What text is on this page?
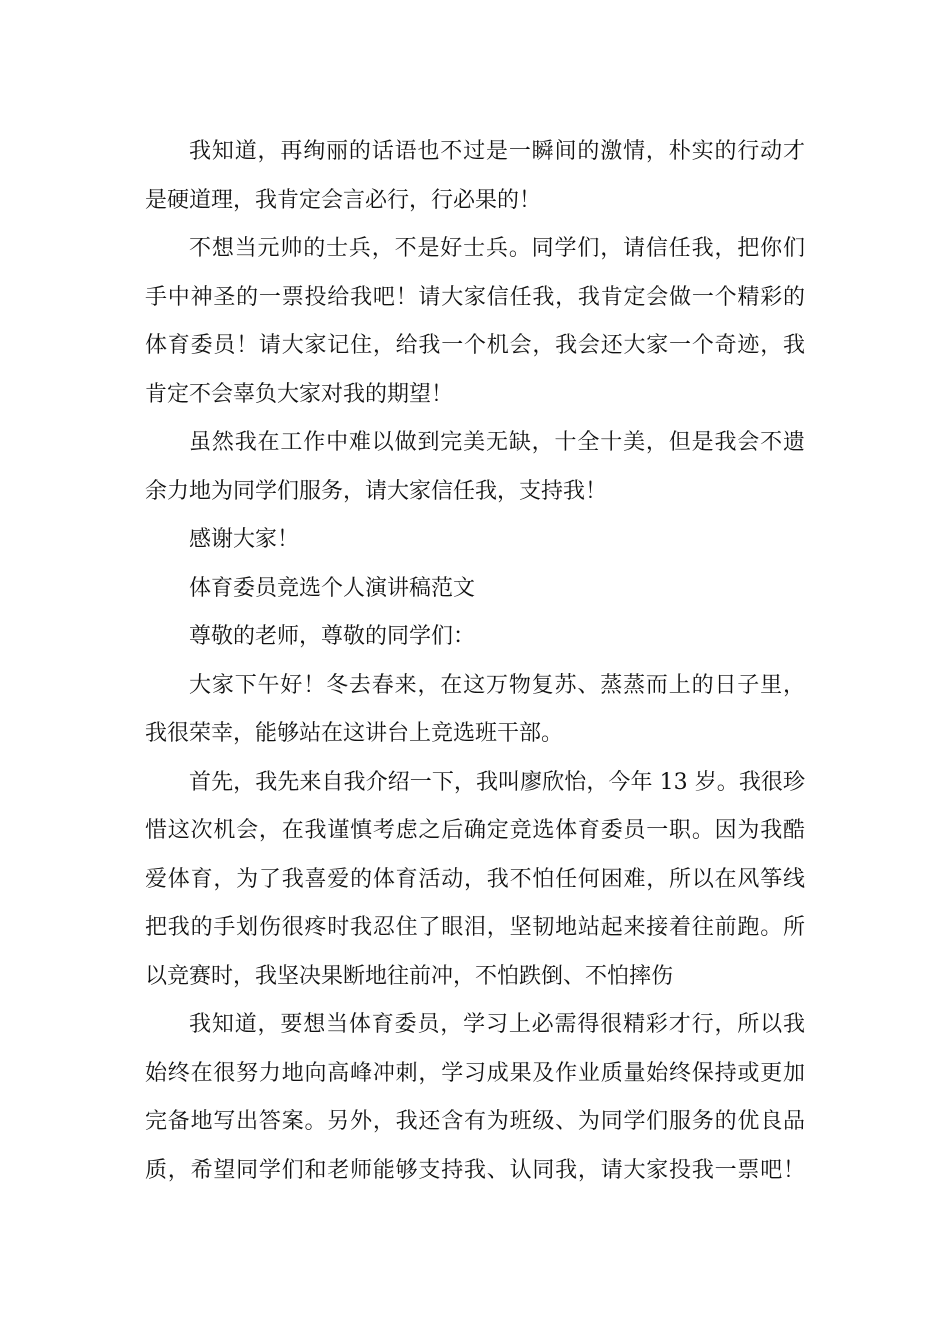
我知道，再绚丽的话语也不过是一瞬间的激情，朴实的行动才
是硬道理，我肯定会言必行，行必果的！

不想当元帅的士兵，不是好士兵。同学们，请信任我，把你们
手中神圣的一票投给我吧！请大家信任我，我肯定会做一个精彩的
体育委员！请大家记住，给我一个机会，我会还大家一个奇迹，我
肯定不会辜负大家对我的期望！

虽然我在工作中难以做到完美无缺，十全十美，但是我会不遗
余力地为同学们服务，请大家信任我，支持我！

感谢大家！

体育委员竞选个人演讲稿范文

尊敬的老师，尊敬的同学们：

大家下午好！冬去春来，在这万物复苏、蒸蒸而上的日子里，
我很荣幸，能够站在这讲台上竞选班干部。

首先，我先来自我介绍一下，我叫廖欣怡，今年 13 岁。我很珍
惜这次机会，在我谨慎考虑之后确定竞选体育委员一职。因为我酷
爱体育，为了我喜爱的体育活动，我不怕任何困难，所以在风筝线
把我的手划伤很疼时我忍住了眼泪，坚韧地站起来接着往前跑。所
以竞赛时，我坚决果断地往前冲，不怕跌倒、不怕摔伤

我知道，要想当体育委员，学习上必需得很精彩才行，所以我
始终在很努力地向高峰冲刺，学习成果及作业质量始终保持或更加
完备地写出答案。另外，我还含有为班级、为同学们服务的优良品
质，希望同学们和老师能够支持我、认同我，请大家投我一票吧！
